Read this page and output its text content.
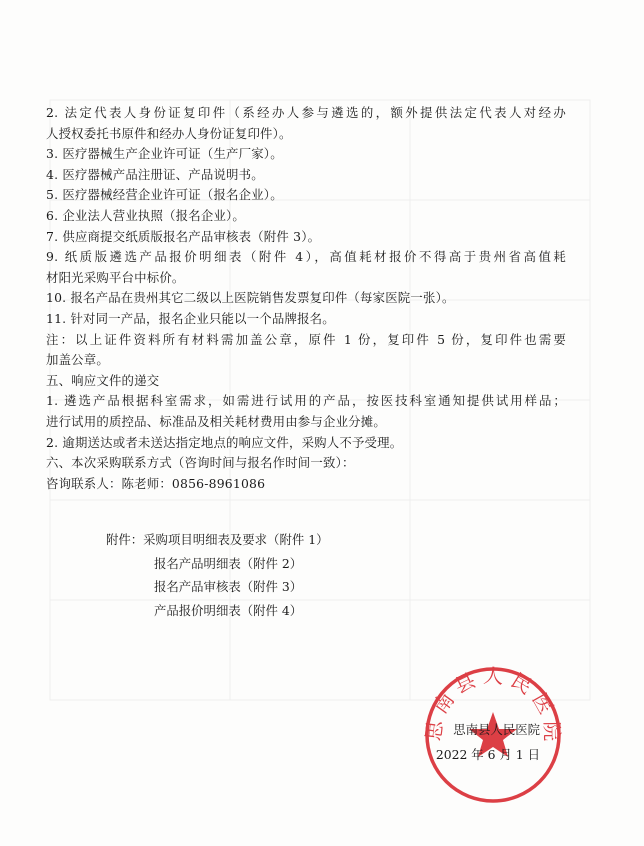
2. 法定代表人身份证复印件（系经办人参与遴选的，额外提供法定代表人对经办
人授权委托书原件和经办人身份证复印件）。
3. 医疗器械生产企业许可证（生产厂家）。
4. 医疗器械产品注册证、产品说明书。
5. 医疗器械经营企业许可证（报名企业）。
6. 企业法人营业执照（报名企业）。
7. 供应商提交纸质版报名产品审核表（附件 3）。
9. 纸质版遴选产品报价明细表（附件 4），高值耗材报价不得高于贵州省高值耗
材阳光采购平台中标价。
10. 报名产品在贵州其它二级以上医院销售发票复印件（每家医院一张）。
11. 针对同一产品，报名企业只能以一个品牌报名。
注：以上证件资料所有材料需加盖公章，原件 1 份，复印件 5 份，复印件也需要
加盖公章。
五、响应文件的递交
1. 遴选产品根据科室需求，如需进行试用的产品，按医技科室通知提供试用样品；
进行试用的质控品、标准品及相关耗材费用由参与企业分摊。
2. 逾期送达或者未送达指定地点的响应文件，采购人不予受理。
六、本次采购联系方式（咨询时间与报名作时间一致）：
咨询联系人：陈老师：0856-8961086
附件：采购项目明细表及要求（附件 1）
报名产品明细表（附件 2）
报名产品审核表（附件 3）
产品报价明细表（附件 4）
思南县人民医院
思南县人民医院
2022 年 6 月 1 日
